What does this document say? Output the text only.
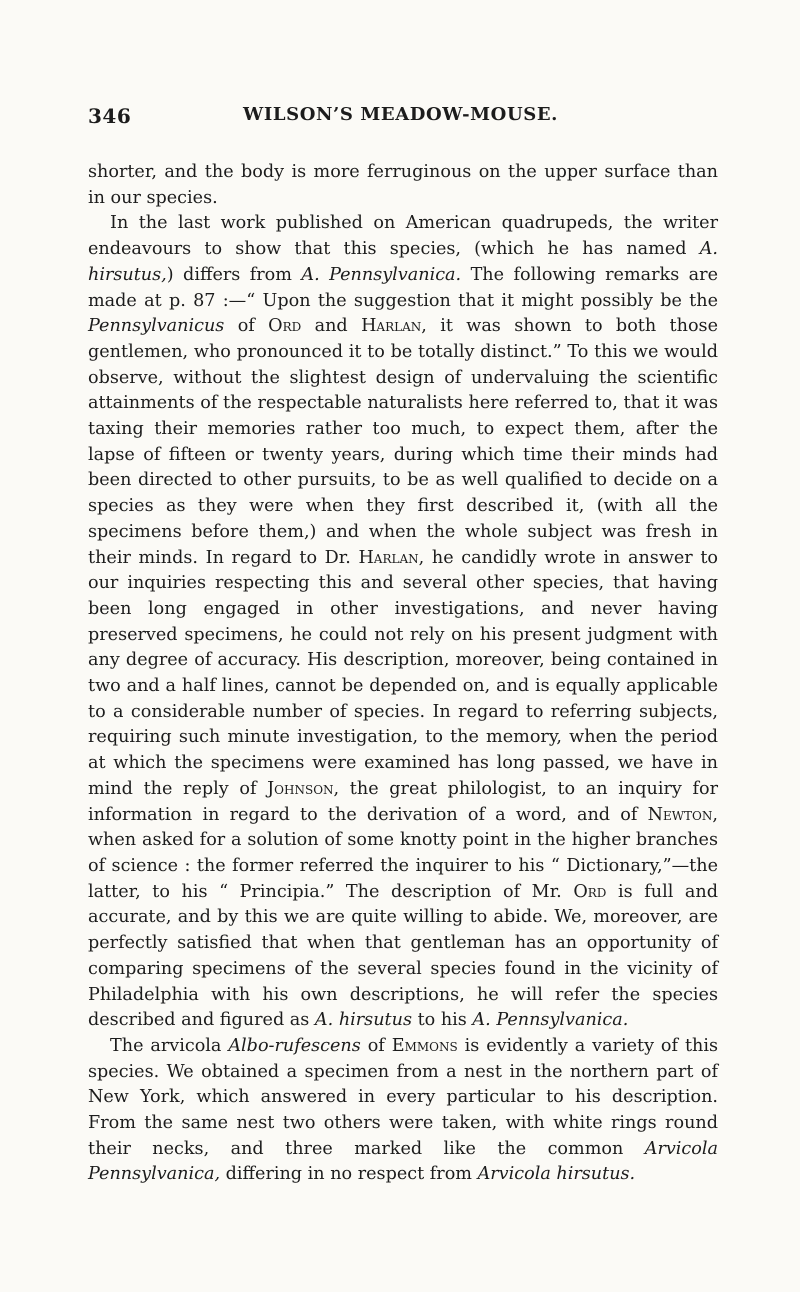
346	WILSON’S MEADOW-MOUSE.

shorter, and the body is more ferruginous on the upper surface than in our species.

In the last work published on American quadrupeds, the writer endeavours to show that this species, (which he has named A. hirsutus,) differs from A. Pennsylvanica. The following remarks are made at p. 87 :—“ Upon the suggestion that it might possibly be the Pennsylvanicus of Ord and Harlan, it was shown to both those gentlemen, who pronounced it to be totally distinct.” To this we would observe, without the slightest design of undervaluing the scientific attainments of the respectable naturalists here referred to, that it was taxing their memories rather too much, to expect them, after the lapse of fifteen or twenty years, during which time their minds had been directed to other pursuits, to be as well qualified to decide on a species as they were when they first described it, (with all the specimens before them,) and when the whole subject was fresh in their minds. In regard to Dr. Harlan, he candidly wrote in answer to our inquiries respecting this and several other species, that having been long engaged in other investigations, and never having preserved specimens, he could not rely on his present judgment with any degree of accuracy. His description, moreover, being contained in two and a half lines, cannot be depended on, and is equally applicable to a considerable number of species. In regard to referring subjects, requiring such minute investigation, to the memory, when the period at which the specimens were examined has long passed, we have in mind the reply of Johnson, the great philologist, to an inquiry for information in regard to the derivation of a word, and of Newton, when asked for a solution of some knotty point in the higher branches of science : the former referred the inquirer to his “ Dictionary,”—the latter, to his “ Principia.” The description of Mr. Ord is full and accurate, and by this we are quite willing to abide. We, moreover, are perfectly satisfied that when that gentleman has an opportunity of comparing specimens of the several species found in the vicinity of Philadelphia with his own descriptions, he will refer the species described and figured as A. hirsutus to his A. Pennsylvanica.

The arvicola Albo-rufescens of Emmons is evidently a variety of this species. We obtained a specimen from a nest in the northern part of New York, which answered in every particular to his description. From the same nest two others were taken, with white rings round their necks, and three marked like the common Arvicola Pennsylvanica, differing in no respect from Arvicola hirsutus.
